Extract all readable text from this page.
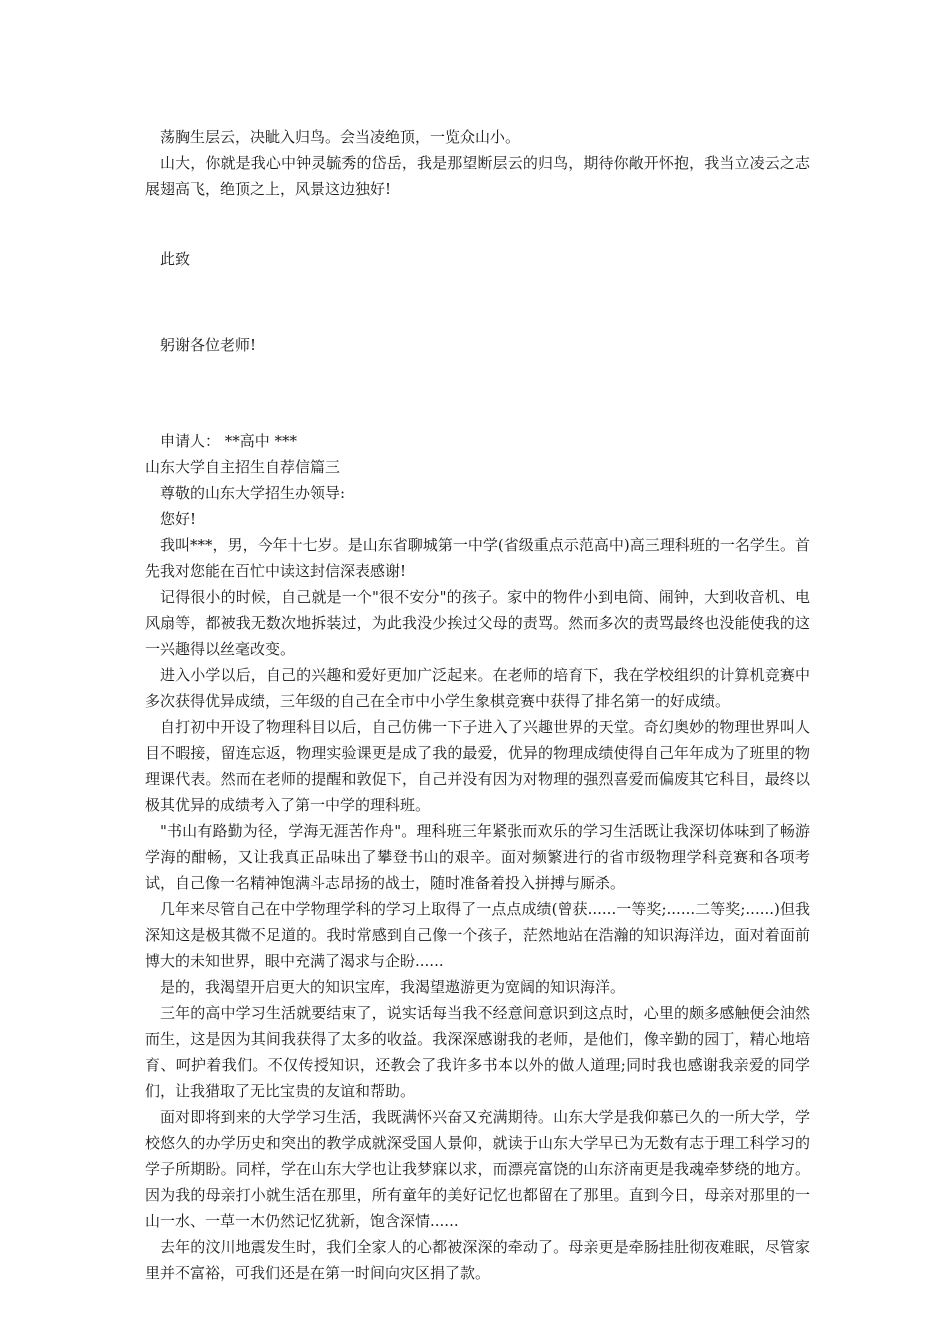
荡胸生层云，决眦入归鸟。会当凌绝顶，一览众山小。

山大，你就是我心中钟灵毓秀的岱岳，我是那望断层云的归鸟，期待你敞开怀抱，我当立凌云之志展翅高飞，绝顶之上，风景这边独好!

此致

躬谢各位老师!

申请人： **高中 ***

山东大学自主招生自荐信篇三

尊敬的山东大学招生办领导:

您好!

我叫***，男，今年十七岁。是山东省聊城第一中学(省级重点示范高中)高三理科班的一名学生。首先我对您能在百忙中读这封信深表感谢!

记得很小的时候，自己就是一个"很不安分"的孩子。家中的物件小到电筒、闹钟，大到收音机、电风扇等，都被我无数次地拆装过，为此我没少挨过父母的责骂。然而多次的责骂最终也没能使我的这一兴趣得以丝毫改变。

进入小学以后，自己的兴趣和爱好更加广泛起来。在老师的培育下，我在学校组织的计算机竞赛中多次获得优异成绩，三年级的自己在全市中小学生象棋竞赛中获得了排名第一的好成绩。

自打初中开设了物理科目以后，自己仿佛一下子进入了兴趣世界的天堂。奇幻奥妙的物理世界叫人目不暇接，留连忘返，物理实验课更是成了我的最爱，优异的物理成绩使得自己年年成为了班里的物理课代表。然而在老师的提醒和敦促下，自己并没有因为对物理的强烈喜爱而偏废其它科目，最终以极其优异的成绩考入了第一中学的理科班。

"书山有路勤为径，学海无涯苦作舟"。理科班三年紧张而欢乐的学习生活既让我深切体味到了畅游学海的酣畅，又让我真正品味出了攀登书山的艰辛。面对频繁进行的省市级物理学科竞赛和各项考试，自己像一名精神饱满斗志昂扬的战士，随时准备着投入拼搏与厮杀。

几年来尽管自己在中学物理学科的学习上取得了一点点成绩(曾获......一等奖;......二等奖;......)但我深知这是极其微不足道的。我时常感到自己像一个孩子，茫然地站在浩瀚的知识海洋边，面对着面前博大的未知世界，眼中充满了渴求与企盼......

是的，我渴望开启更大的知识宝库，我渴望遨游更为宽阔的知识海洋。

三年的高中学习生活就要结束了，说实话每当我不经意间意识到这点时，心里的颇多感触便会油然而生，这是因为其间我获得了太多的收益。我深深感谢我的老师，是他们，像辛勤的园丁，精心地培育、呵护着我们。不仅传授知识，还教会了我许多书本以外的做人道理;同时我也感谢我亲爱的同学们，让我猎取了无比宝贵的友谊和帮助。

面对即将到来的大学学习生活，我既满怀兴奋又充满期待。山东大学是我仰慕已久的一所大学，学校悠久的办学历史和突出的教学成就深受国人景仰，就读于山东大学早已为无数有志于理工科学习的学子所期盼。同样，学在山东大学也让我梦寐以求，而漂亮富饶的山东济南更是我魂牵梦绕的地方。因为我的母亲打小就生活在那里，所有童年的美好记忆也都留在了那里。直到今日，母亲对那里的一山一水、一草一木仍然记忆犹新，饱含深情......

去年的汶川地震发生时，我们全家人的心都被深深的牵动了。母亲更是牵肠挂肚彻夜难眠，尽管家里并不富裕，可我们还是在第一时间向灾区捐了款。
